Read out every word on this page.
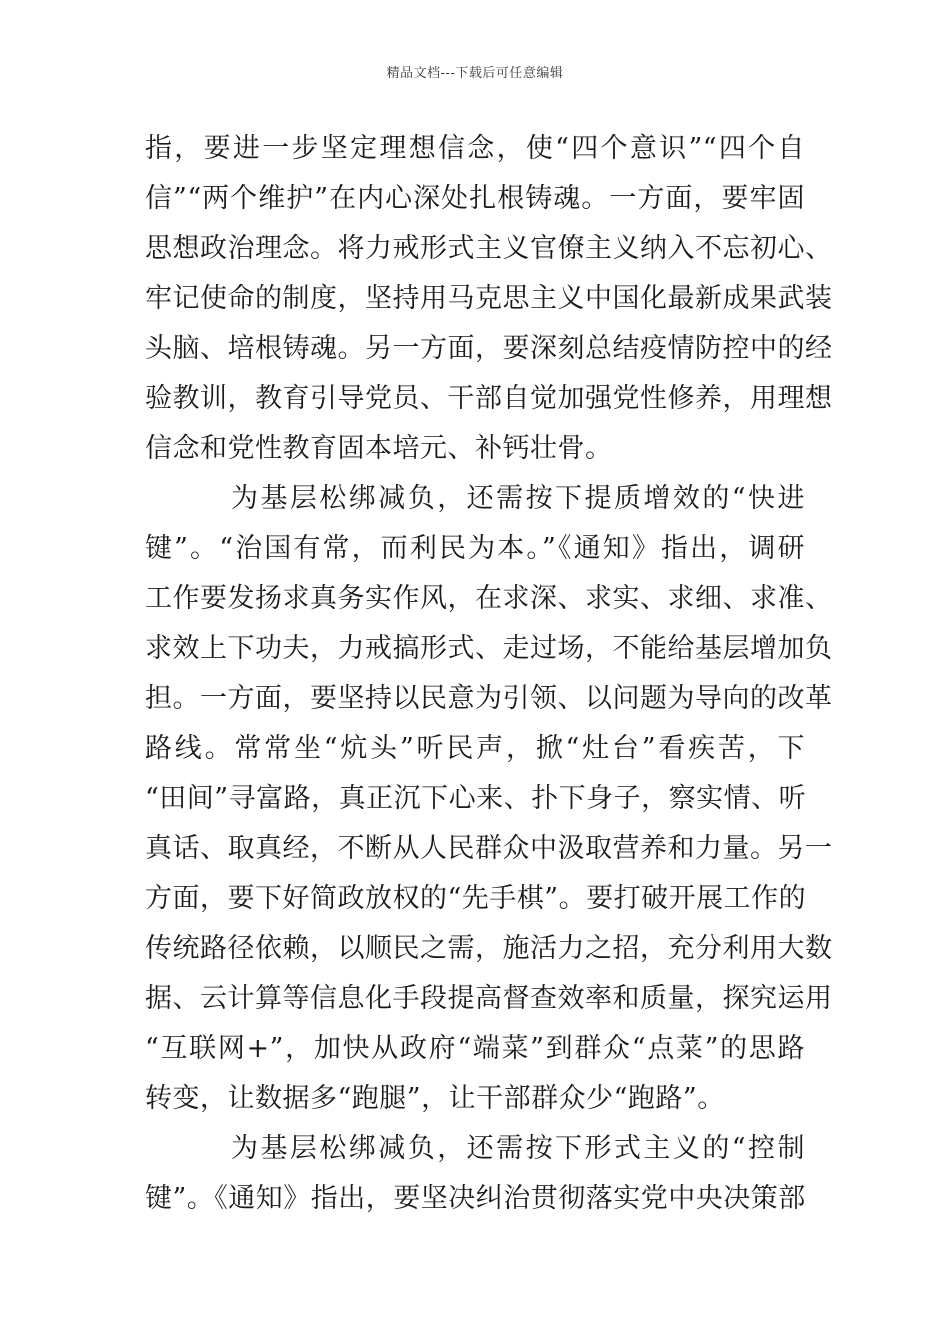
精品文档---下载后可任意编辑
指，要进一步坚定理想信念，使“四个意识”“四个自
信”“两个维护”在内心深处扎根铸魂。一方面，要牢固
思想政治理念。将力戒形式主义官僚主义纳入不忘初心、
牢记使命的制度，坚持用马克思主义中国化最新成果武装
头脑、培根铸魂。另一方面，要深刻总结疫情防控中的经
验教训，教育引导党员、干部自觉加强党性修养，用理想
信念和党性教育固本培元、补钙壮骨。
为基层松绑减负，还需按下提质增效的“快进
键”。“治国有常，而利民为本。”《通知》指出，调研
工作要发扬求真务实作风，在求深、求实、求细、求准、
求效上下功夫，力戒搞形式、走过场，不能给基层增加负
担。一方面，要坚持以民意为引领、以问题为导向的改革
路线。常常坐“炕头”听民声，掀“灶台”看疾苦，下
“田间”寻富路，真正沉下心来、扑下身子，察实情、听
真话、取真经，不断从人民群众中汲取营养和力量。另一
方面，要下好简政放权的“先手棋”。要打破开展工作的
传统路径依赖，以顺民之需，施活力之招，充分利用大数
据、云计算等信息化手段提高督查效率和质量，探究运用
“互联网+”，加快从政府“端菜”到群众“点菜”的思路
转变，让数据多“跑腿”，让干部群众少“跑路”。
为基层松绑减负，还需按下形式主义的“控制
键”。《通知》指出，要坚决纠治贯彻落实党中央决策部
